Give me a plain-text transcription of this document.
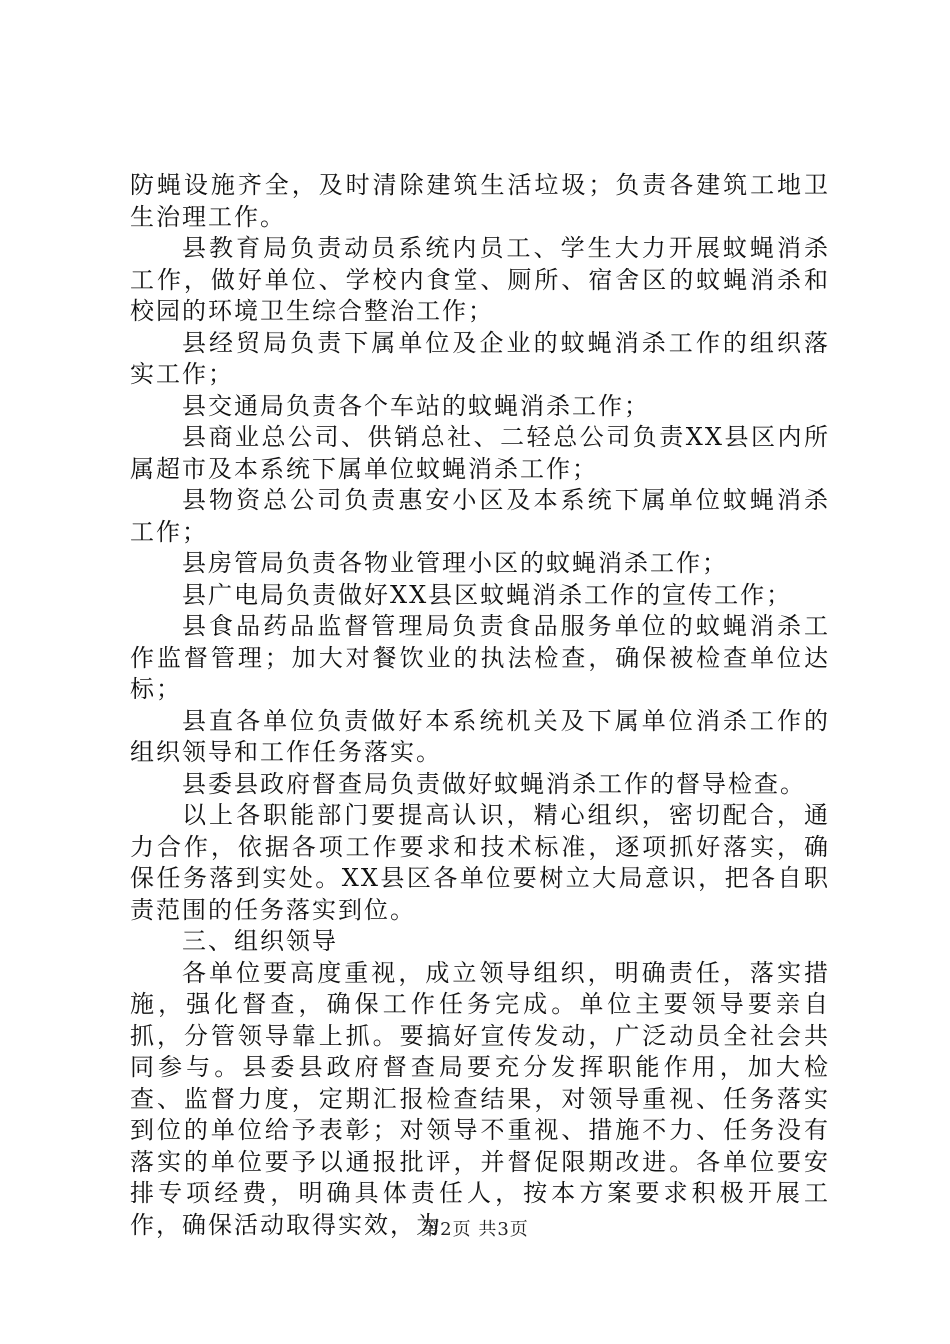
防蝇设施齐全，及时清除建筑生活垃圾；负责各建筑工地卫生治理工作。

县教育局负责动员系统内员工、学生大力开展蚊蝇消杀工作，做好单位、学校内食堂、厕所、宿舍区的蚊蝇消杀和校园的环境卫生综合整治工作；

县经贸局负责下属单位及企业的蚊蝇消杀工作的组织落实工作；

县交通局负责各个车站的蚊蝇消杀工作；

县商业总公司、供销总社、二轻总公司负责XX县区内所属超市及本系统下属单位蚊蝇消杀工作；

县物资总公司负责惠安小区及本系统下属单位蚊蝇消杀工作；

县房管局负责各物业管理小区的蚊蝇消杀工作；

县广电局负责做好XX县区蚊蝇消杀工作的宣传工作；

县食品药品监督管理局负责食品服务单位的蚊蝇消杀工作监督管理；加大对餐饮业的执法检查，确保被检查单位达标；

县直各单位负责做好本系统机关及下属单位消杀工作的组织领导和工作任务落实。

县委县政府督查局负责做好蚊蝇消杀工作的督导检查。

以上各职能部门要提高认识，精心组织，密切配合，通力合作，依据各项工作要求和技术标准，逐项抓好落实，确保任务落到实处。XX县区各单位要树立大局意识，把各自职责范围的任务落实到位。

三、组织领导

各单位要高度重视，成立领导组织，明确责任，落实措施，强化督查，确保工作任务完成。单位主要领导要亲自抓，分管领导靠上抓。要搞好宣传发动，广泛动员全社会共同参与。县委县政府督查局要充分发挥职能作用，加大检查、监督力度，定期汇报检查结果，对领导重视、任务落实到位的单位给予表彰；对领导不重视、措施不力、任务没有落实的单位要予以通报批评，并督促限期改进。各单位要安排专项经费，明确具体责任人，按本方案要求积极开展工作，确保活动取得实效，为

第2页 共3页
